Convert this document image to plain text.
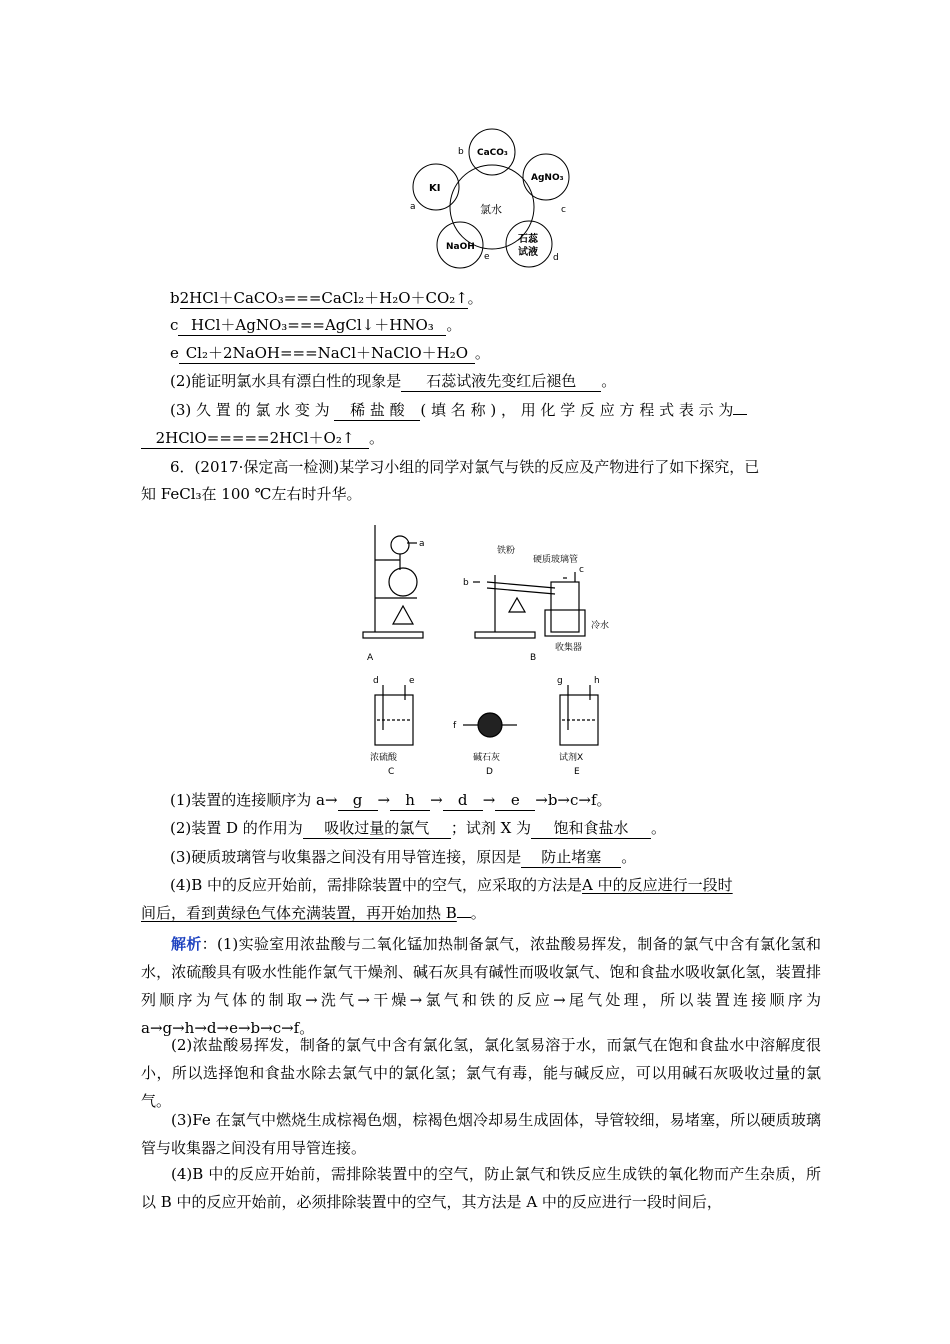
氯水
CaCO₃
b
AgNO₃
c
石蕊
试液 d
NaOH
e
KI
a
b2HCl＋CaCO₃===CaCl₂＋H₂O＋CO₂↑。
c HCl＋AgNO₃===AgCl↓＋HNO₃ 。
e Cl₂＋2NaOH===NaCl＋NaClO＋H₂O 。
(2)能证明氯水具有漂白性的现象是 石蕊试液先变红后褪色 。
(3) 久 置 的 氯 水 变 为 稀 盐 酸 ( 填 名 称 ) ， 用 化 学 反 应 方 程 式 表 示 为
2HClO=====2HCl＋O₂↑ 。
6．(2017·保定高一检测)某学习小组的同学对氯气与铁的反应及产物进行了如下探究，已
知 FeCl₃在 100 ℃左右时升华。
a
b
c
铁粉
硬质玻璃管
冷水
收集器
A	B
d	e
f
g	h
浓硫酸	碱石灰	试剂X
C	D	E
(1)装置的连接顺序为 a→ g → h → d → e →b→c→f。
(2)装置 D 的作用为 吸收过量的氯气 ；试剂 X 为 饱和食盐水 。
(3)硬质玻璃管与收集器之间没有用导管连接，原因是 防止堵塞 。
(4)B 中的反应开始前，需排除装置中的空气，应采取的方法是A 中的反应进行一段时
间后，看到黄绿色气体充满装置，再开始加热 B 。
解析：(1)实验室用浓盐酸与二氧化锰加热制备氯气，浓盐酸易挥发，制备的氯气中含有氯化氢和水，浓硫酸具有吸水性能作氯气干燥剂、碱石灰具有碱性而吸收氯气、饱和食盐水吸收氯化氢，装置排列顺序为气体的制取→洗气→干燥→氯气和铁的反应→尾气处理，所以装置连接顺序为 a→g→h→d→e→b→c→f。
(2)浓盐酸易挥发，制备的氯气中含有氯化氢，氯化氢易溶于水，而氯气在饱和食盐水中溶解度很小，所以选择饱和食盐水除去氯气中的氯化氢；氯气有毒，能与碱反应，可以用碱石灰吸收过量的氯气。
(3)Fe 在氯气中燃烧生成棕褐色烟，棕褐色烟冷却易生成固体，导管较细，易堵塞，所以硬质玻璃管与收集器之间没有用导管连接。
(4)B 中的反应开始前，需排除装置中的空气，防止氯气和铁反应生成铁的氧化物而产生杂质，所以 B 中的反应开始前，必须排除装置中的空气，其方法是 A 中的反应进行一段时间后，
